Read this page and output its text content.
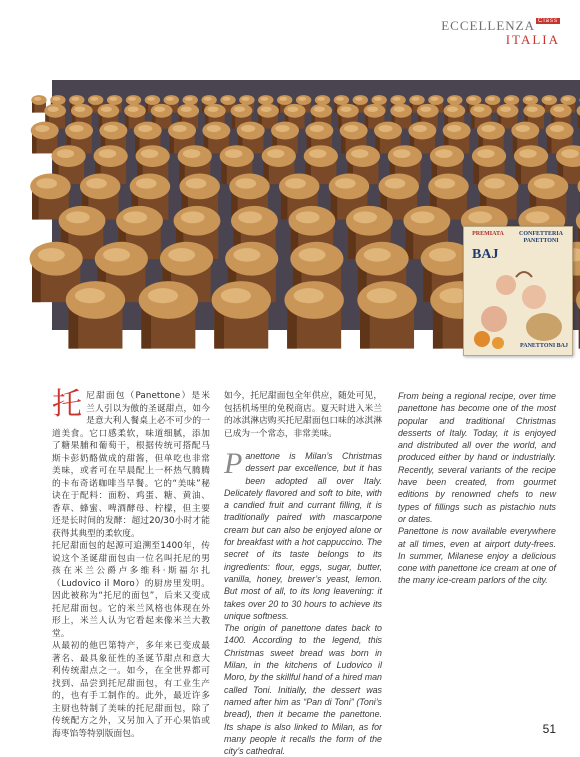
ECCELLENZA Class
ITALIA
PREMIATA
BAJ
CONFETTERIA
PANETTONI
PANETTONI BAJ
托 尼甜面包（Panettone）是米兰人引以为傲的圣诞甜点，如今是意大利人餐桌上必不可少的一道美食。它口感柔软，味道细腻，添加了糖果脯和葡萄干，根据传统可搭配马斯卡彭奶酪做成的甜酱，但单吃也非常美味，或者可在早晨配上一杯热气腾腾的卡布奇诺咖啡当早餐。它的“美味”秘诀在于配料：面粉、鸡蛋、糖、黄油、香草、蜂蜜、啤酒酵母、柠檬，但主要还是长时间的发酵：超过20/30小时才能获得其典型的柔软度。

托尼甜面包的起源可追溯至1400年，传说这个圣诞甜面包由一位名叫托尼的男孩在米兰公爵卢多维科·斯福尔扎（Ludovico il Moro）的厨房里发明。因此被称为“托尼的面包”，后来又变成托尼甜面包。它的米兰风格也体现在外形上，米兰人认为它看起来像米兰大教堂。

从最初的他巴第特产，多年来已变成最著名、最具象征性的圣诞节甜点和意大利传统甜点之一。如今，在全世界都可找到、品尝到托尼甜面包，有工业生产的，也有手工制作的。此外，最近许多主厨也特制了美味的托尼甜面包，除了传统配方之外，又另加入了开心果馅或海枣馅等特别版面包。

如今，托尼甜面包全年供应，随处可见，包括机场里的免税商店。夏天时进入米兰的冰淇淋店购买托尼甜面包口味的冰淇淋已成为一个常态，非常美味。

P anettone is Milan’s Christmas dessert par excellence, but it has been adopted all over Italy. Delicately flavored and soft to bite, with a candied fruit and currant filling, it is traditionally paired with mascarpone cream but can also be enjoyed alone or for breakfast with a hot cappuccino. The secret of its taste belongs to its ingredients: flour, eggs, sugar, butter, vanilla, honey, brewer’s yeast, lemon. But most of all, to its long leavening: it takes over 20 to 30 hours to achieve its unique softness.

The origin of panettone dates back to 1400. According to the legend, this Christmas sweet bread was born in Milan, in the kitchens of Ludovico il Moro, by the skillful hand of a hired man called Toni. Initially, the dessert was named after him as “Pan di Toni” (Toni’s bread), then it became the panettone. Its shape is also linked to Milan, as for many people it recalls the form of the city’s cathedral.

From being a regional recipe, over time panettone has become one of the most popular and traditional Christmas desserts of Italy. Today, it is enjoyed and distributed all over the world, and produced either by hand or industrially. Recently, several variants of the recipe have been created, from gourmet editions by renowned chefs to new types of fillings such as pistachio nuts or dates.

Panettone is now available everywhere at all times, even at airport duty-frees. In summer, Milanese enjoy a delicious cone with panettone ice cream at one of the many ice-cream parlors of the city.

51
